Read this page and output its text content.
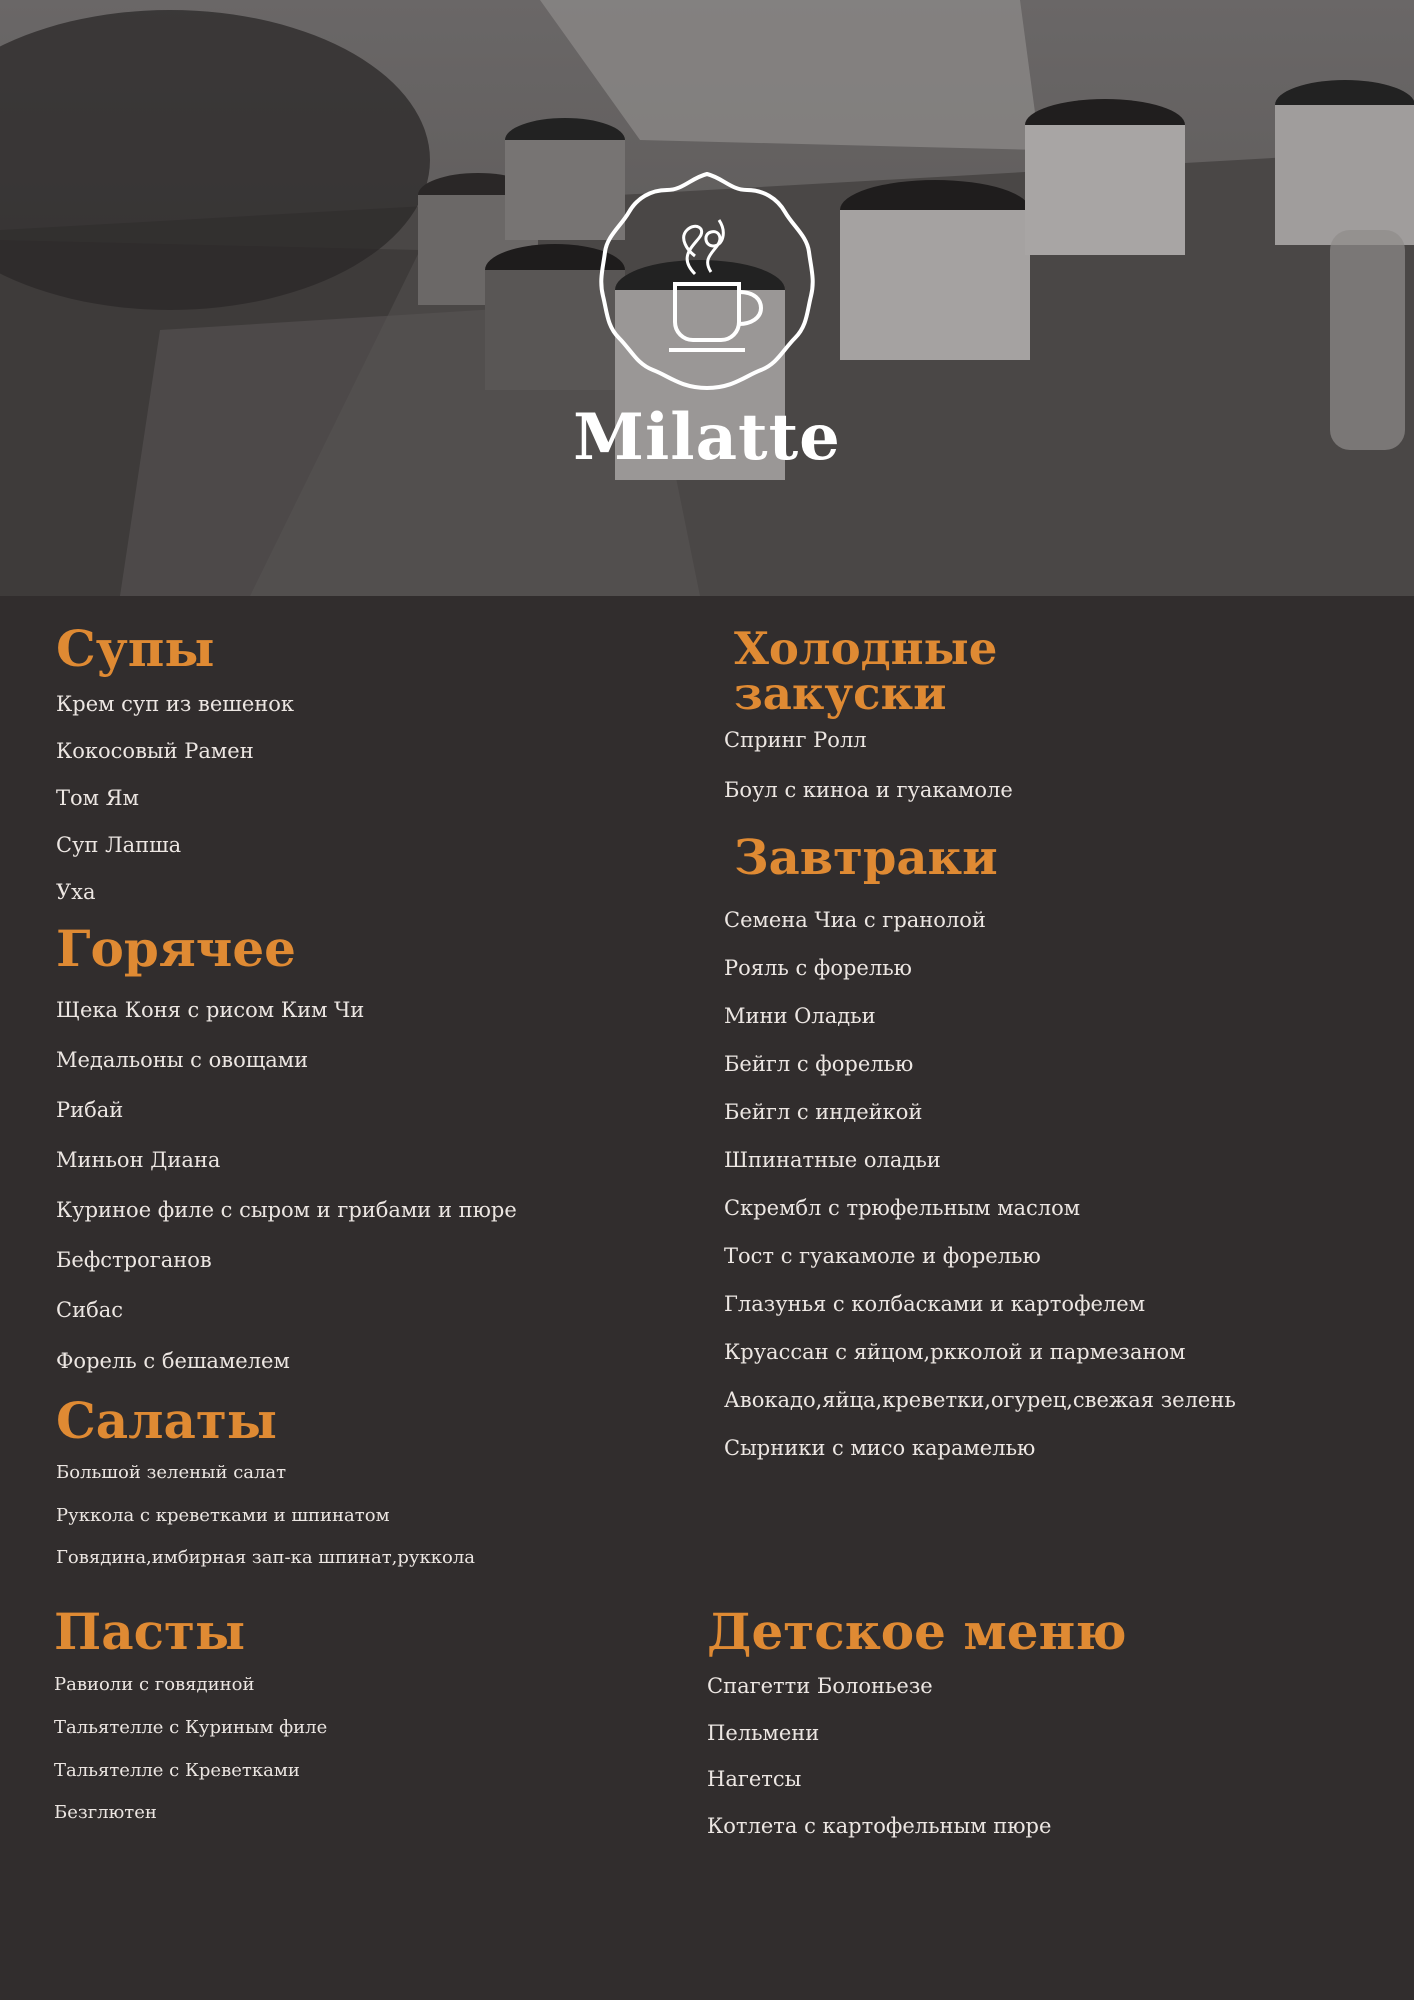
Milatte
Супы

Крем суп из вешенок

Кокосовый Рамен

Том Ям

Суп Лапша

Уха

Горячее

Щека Коня с рисом Ким Чи

Медальоны с овощами

Рибай

Миньон Диана

Куриное филе с сыром и грибами и пюре

Бефстроганов

Сибас

Форель с бешамелем

Салаты

Большой зеленый салат

Руккола с креветками и шпинатом

Говядина,имбирная зап-ка шпинат,руккола

Пасты

Равиоли с говядиной

Тальятелле с Куриным филе

Тальятелле с Креветками

Безглютен

Холодные
закуски

Спринг Ролл

Боул с киноа и гуакамоле

Завтраки

Семена Чиа с гранолой

Рояль с форелью

Мини Оладьи

Бейгл с форелью

Бейгл с индейкой

Шпинатные оладьи

Скрембл с трюфельным маслом

Тост с гуакамоле и форелью

Глазунья с колбасками и картофелем

Круассан с яйцом,ркколой и пармезаном

Авокадо,яйца,креветки,огурец,свежая зелень

Сырники с мисо карамелью

Детское меню

Спагетти Болоньезе

Пельмени

Нагетсы

Котлета с картофельным пюре
